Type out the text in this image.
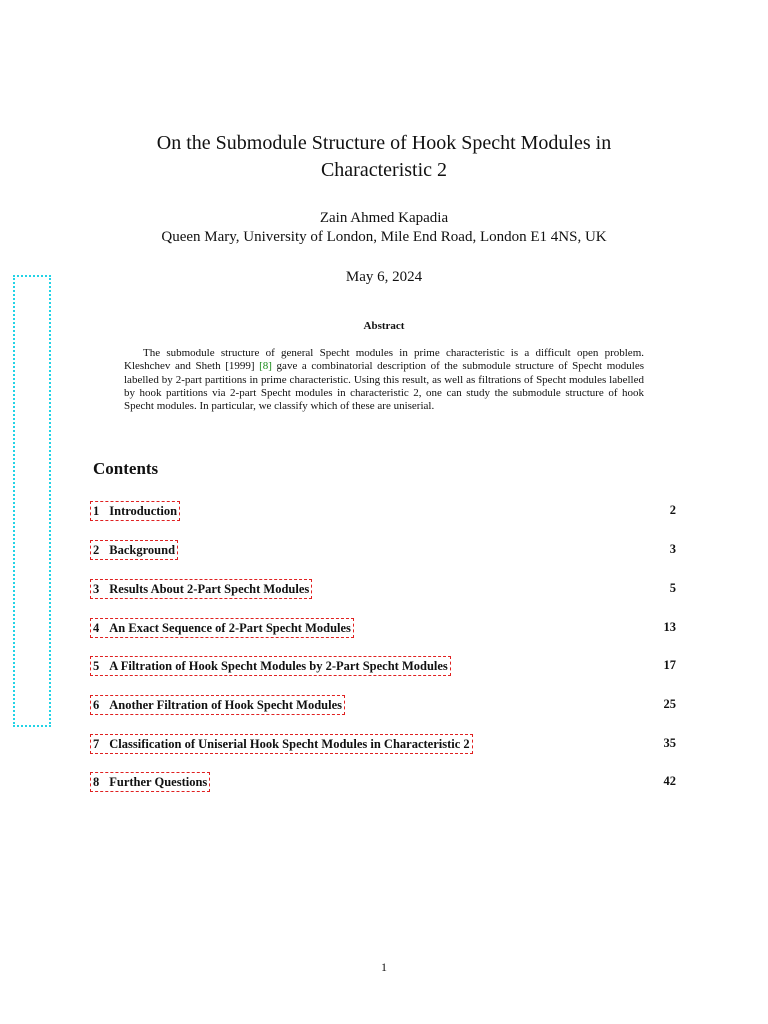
On the Submodule Structure of Hook Specht Modules in
Characteristic 2
Zain Ahmed Kapadia
Queen Mary, University of London, Mile End Road, London E1 4NS, UK
May 6, 2024
Abstract
The submodule structure of general Specht modules in prime characteristic is a difficult open problem. Kleshchev and Sheth [1999] [8] gave a combinatorial description of the submodule structure of Specht modules labelled by 2-part partitions in prime characteristic. Using this result, as well as filtrations of Specht modules labelled by hook partitions via 2-part Specht modules in characteristic 2, one can study the submodule structure of hook Specht modules. In particular, we classify which of these are uniserial.
Contents
1 Introduction	2
2 Background	3
3 Results About 2-Part Specht Modules	5
4 An Exact Sequence of 2-Part Specht Modules	13
5 A Filtration of Hook Specht Modules by 2-Part Specht Modules	17
6 Another Filtration of Hook Specht Modules	25
7 Classification of Uniserial Hook Specht Modules in Characteristic 2	35
8 Further Questions	42
1
